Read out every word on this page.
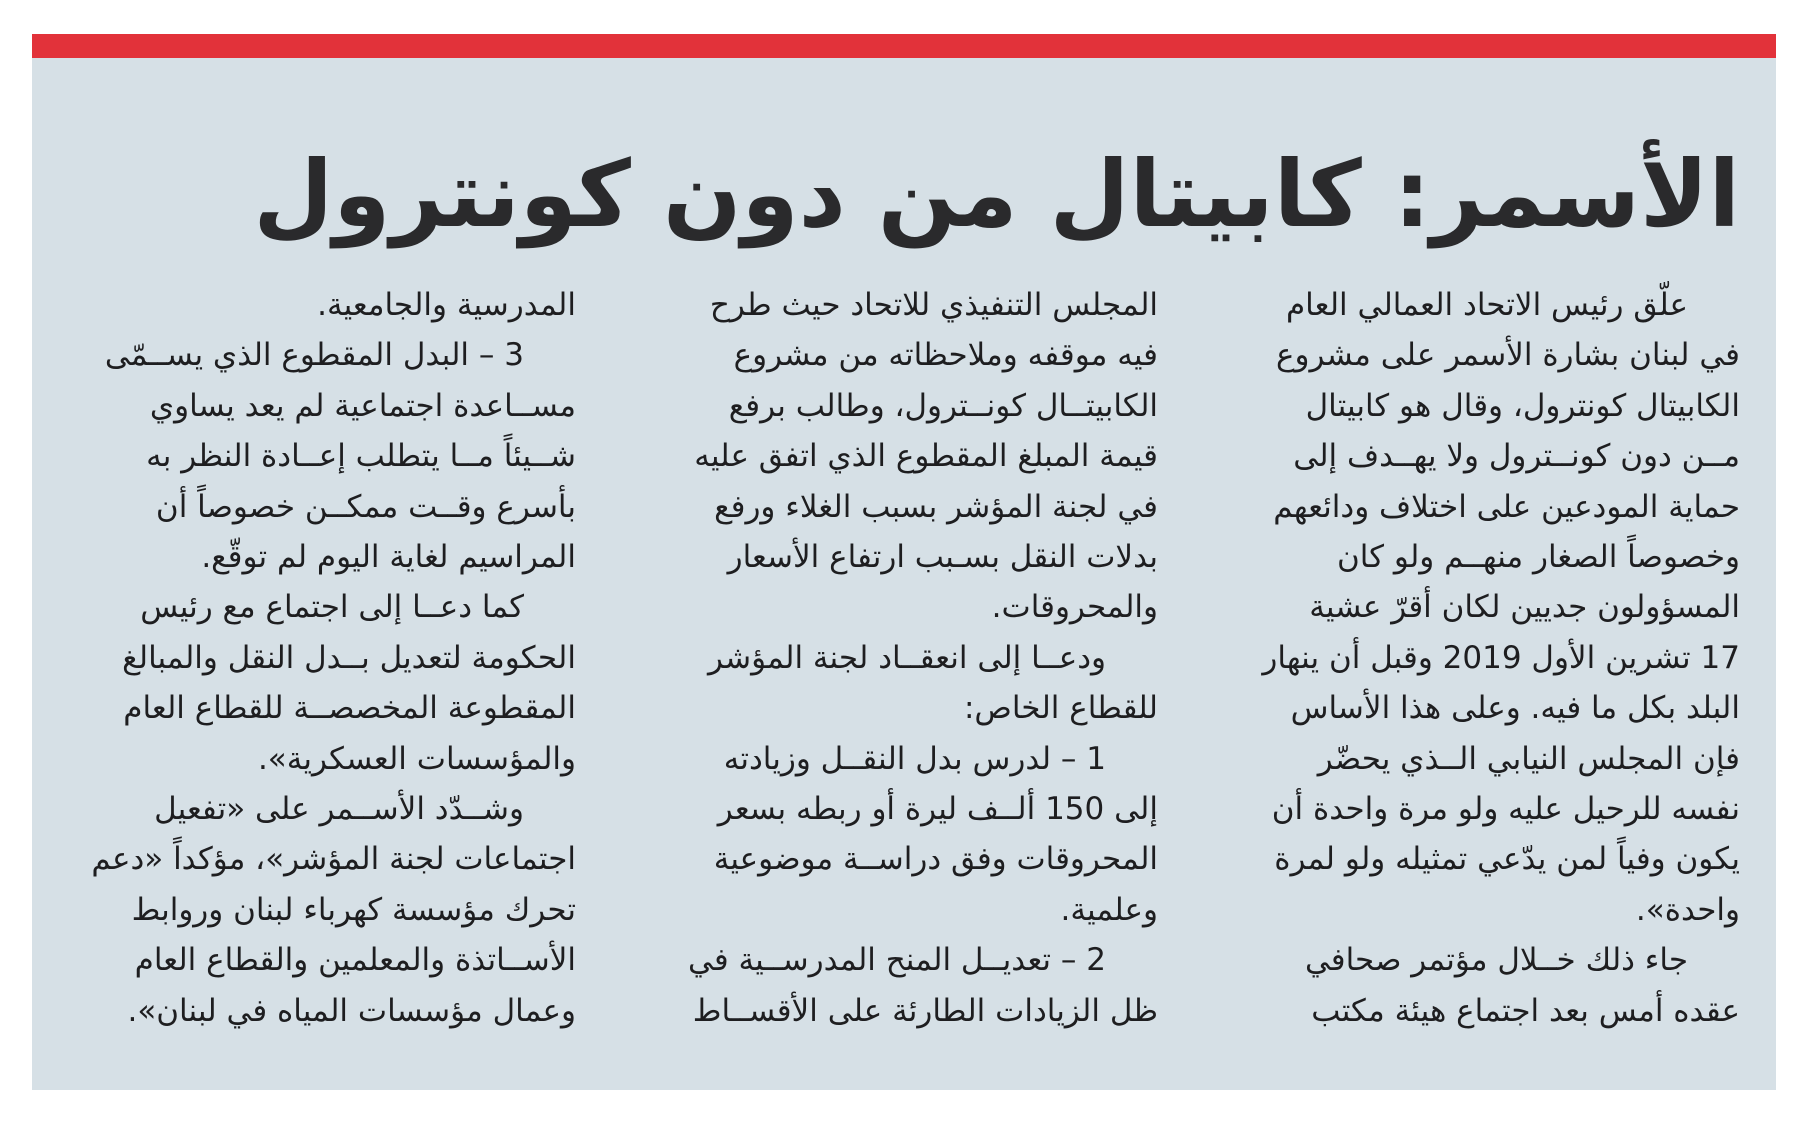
الأسمر: كابيتال من دون كونترول

علّق رئيس الاتحاد العمالي العام

في لبنان بشارة الأسمر على مشروع

الكابيتال كونترول، وقال هو كابيتال

مــن دون كونــترول ولا يهــدف إلى

حماية المودعين على اختلاف ودائعهم

وخصوصاً الصغار منهــم ولو كان

المسؤولون جديين لكان أقرّ عشية

17 تشرين الأول 2019 وقبل أن ينهار

البلد بكل ما فيه. وعلى هذا الأساس

فإن المجلس النيابي الــذي يحضّر

نفسه للرحيل عليه ولو مرة واحدة أن

يكون وفياً لمن يدّعي تمثيله ولو لمرة

واحدة».

جاء ذلك خــلال مؤتمر صحافي

عقده أمس بعد اجتماع هيئة مكتب

المجلس التنفيذي للاتحاد حيث طرح

فيه موقفه وملاحظاته من مشروع

الكابيتــال كونــترول، وطالب برفع

قيمة المبلغ المقطوع الذي اتفق عليه

في لجنة المؤشر بسبب الغلاء ورفع

بدلات النقل بسـبب ارتفاع الأسعار

والمحروقات.

ودعــا إلى انعقــاد لجنة المؤشر

للقطاع الخاص:

1 – لدرس بدل النقــل وزيادته

إلى 150 ألــف ليرة أو ربطه بسعر

المحروقات وفق دراســة موضوعية

وعلمية.

2 – تعديــل المنح المدرســية في

ظل الزيادات الطارئة على الأقســاط

المدرسية والجامعية.

3 – البدل المقطوع الذي يســمّى

مســاعدة اجتماعية لم يعد يساوي

شــيئاً مــا يتطلب إعــادة النظر به

بأسرع وقــت ممكــن خصوصاً أن

المراسيم لغاية اليوم لم توقّع.

كما دعــا إلى اجتماع مع رئيس

الحكومة لتعديل بــدل النقل والمبالغ

المقطوعة المخصصــة للقطاع العام

والمؤسسات العسكرية».

وشــدّد الأســمر على «تفعيل

اجتماعات لجنة المؤشر»، مؤكداً «دعم

تحرك مؤسسة كهرباء لبنان وروابط

الأســاتذة والمعلمين والقطاع العام

وعمال مؤسسات المياه في لبنان».
